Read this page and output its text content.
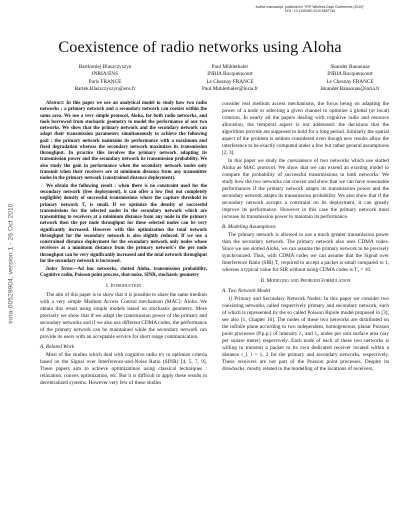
Author manuscript, published in "IFIP Wireless Days Conference (2010)"
DOI : 10.1109/WD.2010.5657746
inria-00529904, version 1 - 26 Oct 2010
Coexistence of radio networks using Aloha
Bartlomiej Blaszczyszyn
INRIA/ENS
Paris FRANCE
Bartek.Blaszczyszyn@ens.fr
Paul Mühlethaler
INRIA Rocquencourt
Le Chesnay FRANCE
Paul.Muhlethaler@inria.fr
Skander Banaouas
INRIA Rocquencourt
Le Chesnay FRANCE
Iskander.Banaouas@inria.fr

Abstract: In this paper we use an analytical model to study how two radio networks : a primary network and a secondary network can coexist within the same area. We use a very simple protocol, Aloha, for both radio networks, and tools borrowed from stochastic geometry to model the performance of our two networks. We show that the primary network and the secondary network can adapt their transmission parameters simultaneously to achieve the following goal : the primary network maintains its performance with a maximum and fixed degradation whereas the secondary network maximizes its transmission throughput. In practice this involves the primary network adapting its transmission power and the secondary network its transmission probability. We also study the gain in performance when the secondary network nodes only transmit when their receivers are at minimum distance from any transmitter nodes in the primary network (constrained distance deployment).

We obtain the following result : when there is no constraint used for the secondary network (free deployment), it can offer a low (but not completely negligible) density of successful transmissions where the capture threshold in primary network T₁ is small. If we optimize the density of successful transmissions for the selected nodes in the secondary network which are transmitting to receivers at a minimum distance from any node in the primary network then the per node throughput for these selected nodes can be very significantly increased. However with this optimization the total network throughput for the secondary network is also slightly reduced. If we use a constrained distance deployment for the secondary network only nodes whose receivers at a minimum distance from the primary network's the per node throughput can be very significantly increased and the total network throughput for the secondary network is increased.

Index Terms—Ad hoc networks, slotted Aloha, transmission probability, Cognitive radio, Poisson point process, shot-noise, SINR, stochastic geometry

I. Introduction

The aim of this paper is to show that it is possible to share the same medium with a very simple Medium Access Control mechanism (MAC): Aloha. We obtain this result using simple models based on stochastic geometry. More precisely we show that if we adapt the transmission power of the primary and secondary networks and if we also use different CDMA codes, the performance of the primary network can be maintained while the secondary network can provide its users with an acceptable service for short range communication.

A. Related Work

Most of the studies which deal with cognitive radio try to optimize criteria based on the Signal over Interference-and-Noise Ratio (SINR) [4, 5, 7, 9]. These papers aim to achieve optimizations using classical techniques : relaxation, convex optimization, etc. But it is difficult to apply these results in decentralized systems. However very few of these studies

consider real medium access mechanisms, the focus being on adapting the power of a node or selecting a given channel to optimize a global (or local) criterion. In nearly all the papers dealing with cognitive radio and resource allocation, the temporal aspect is not addressed: the decisions that the algorithms provide are supposed to hold for a long period. Similarly the spatial aspect of the problem is seldom considered even though new results allow the interference to be exactly computed under a few but rather general assumptions [2, 3].

In this paper we study the coexistence of two networks which use slotted Aloha as MAC protocol. We show that we can extend an existing model to compute the probability of successful transmissions in both networks. We study how the two networks can coexist and show that we can have reasonable performances if the primary network adapts its transmission power and the secondary network adapts its transmission probability. We also show that if the secondary network accepts a constraint on its deployment, it can greatly improve its performance. However in this case the primary network must increase its transmission power to maintain its performance.

B. Modeling Assumptions

The primary network is allowed to use a much greater transmission power than the secondary network. The primary network also uses CDMA codes. Since we use slotted Aloha, we can assume the primary network to be precisely synchronized. Thus, with CDMA codes we can assume that the Signal over Interference Ratio (SIR) T₁ required to accept a packet is small compared to 1, whereas a typical value for SIR without using CDMA codes is T₂ = 10.

II. Modeling and Problem Formulation
A. Two Network Model

1) Primary and Secondary Network Nodes: In this paper we consider two coexisting networks called respectively primary and secondary network, each of which is represented by the so called Poisson Bipole model proposed in [3]; see also [1, Chapter 16]. The nodes of these two networks are distributed on the infinite plane according to two independent, homogeneous, planar Poisson point processes (P.p.p.) of intensity λ₁ and λ₂ nodes per unit surface area (say per square meter) respectively. Each node of each of these two networks is willing to transmit a packet to its own dedicated receiver located within a distance r_i, i = 1, 2 for the primary and secondary networks, respectively. These receivers are not part of the Poisson point processes. Despite its drawbacks, mostly related to the modelling of the locations of receivers,
